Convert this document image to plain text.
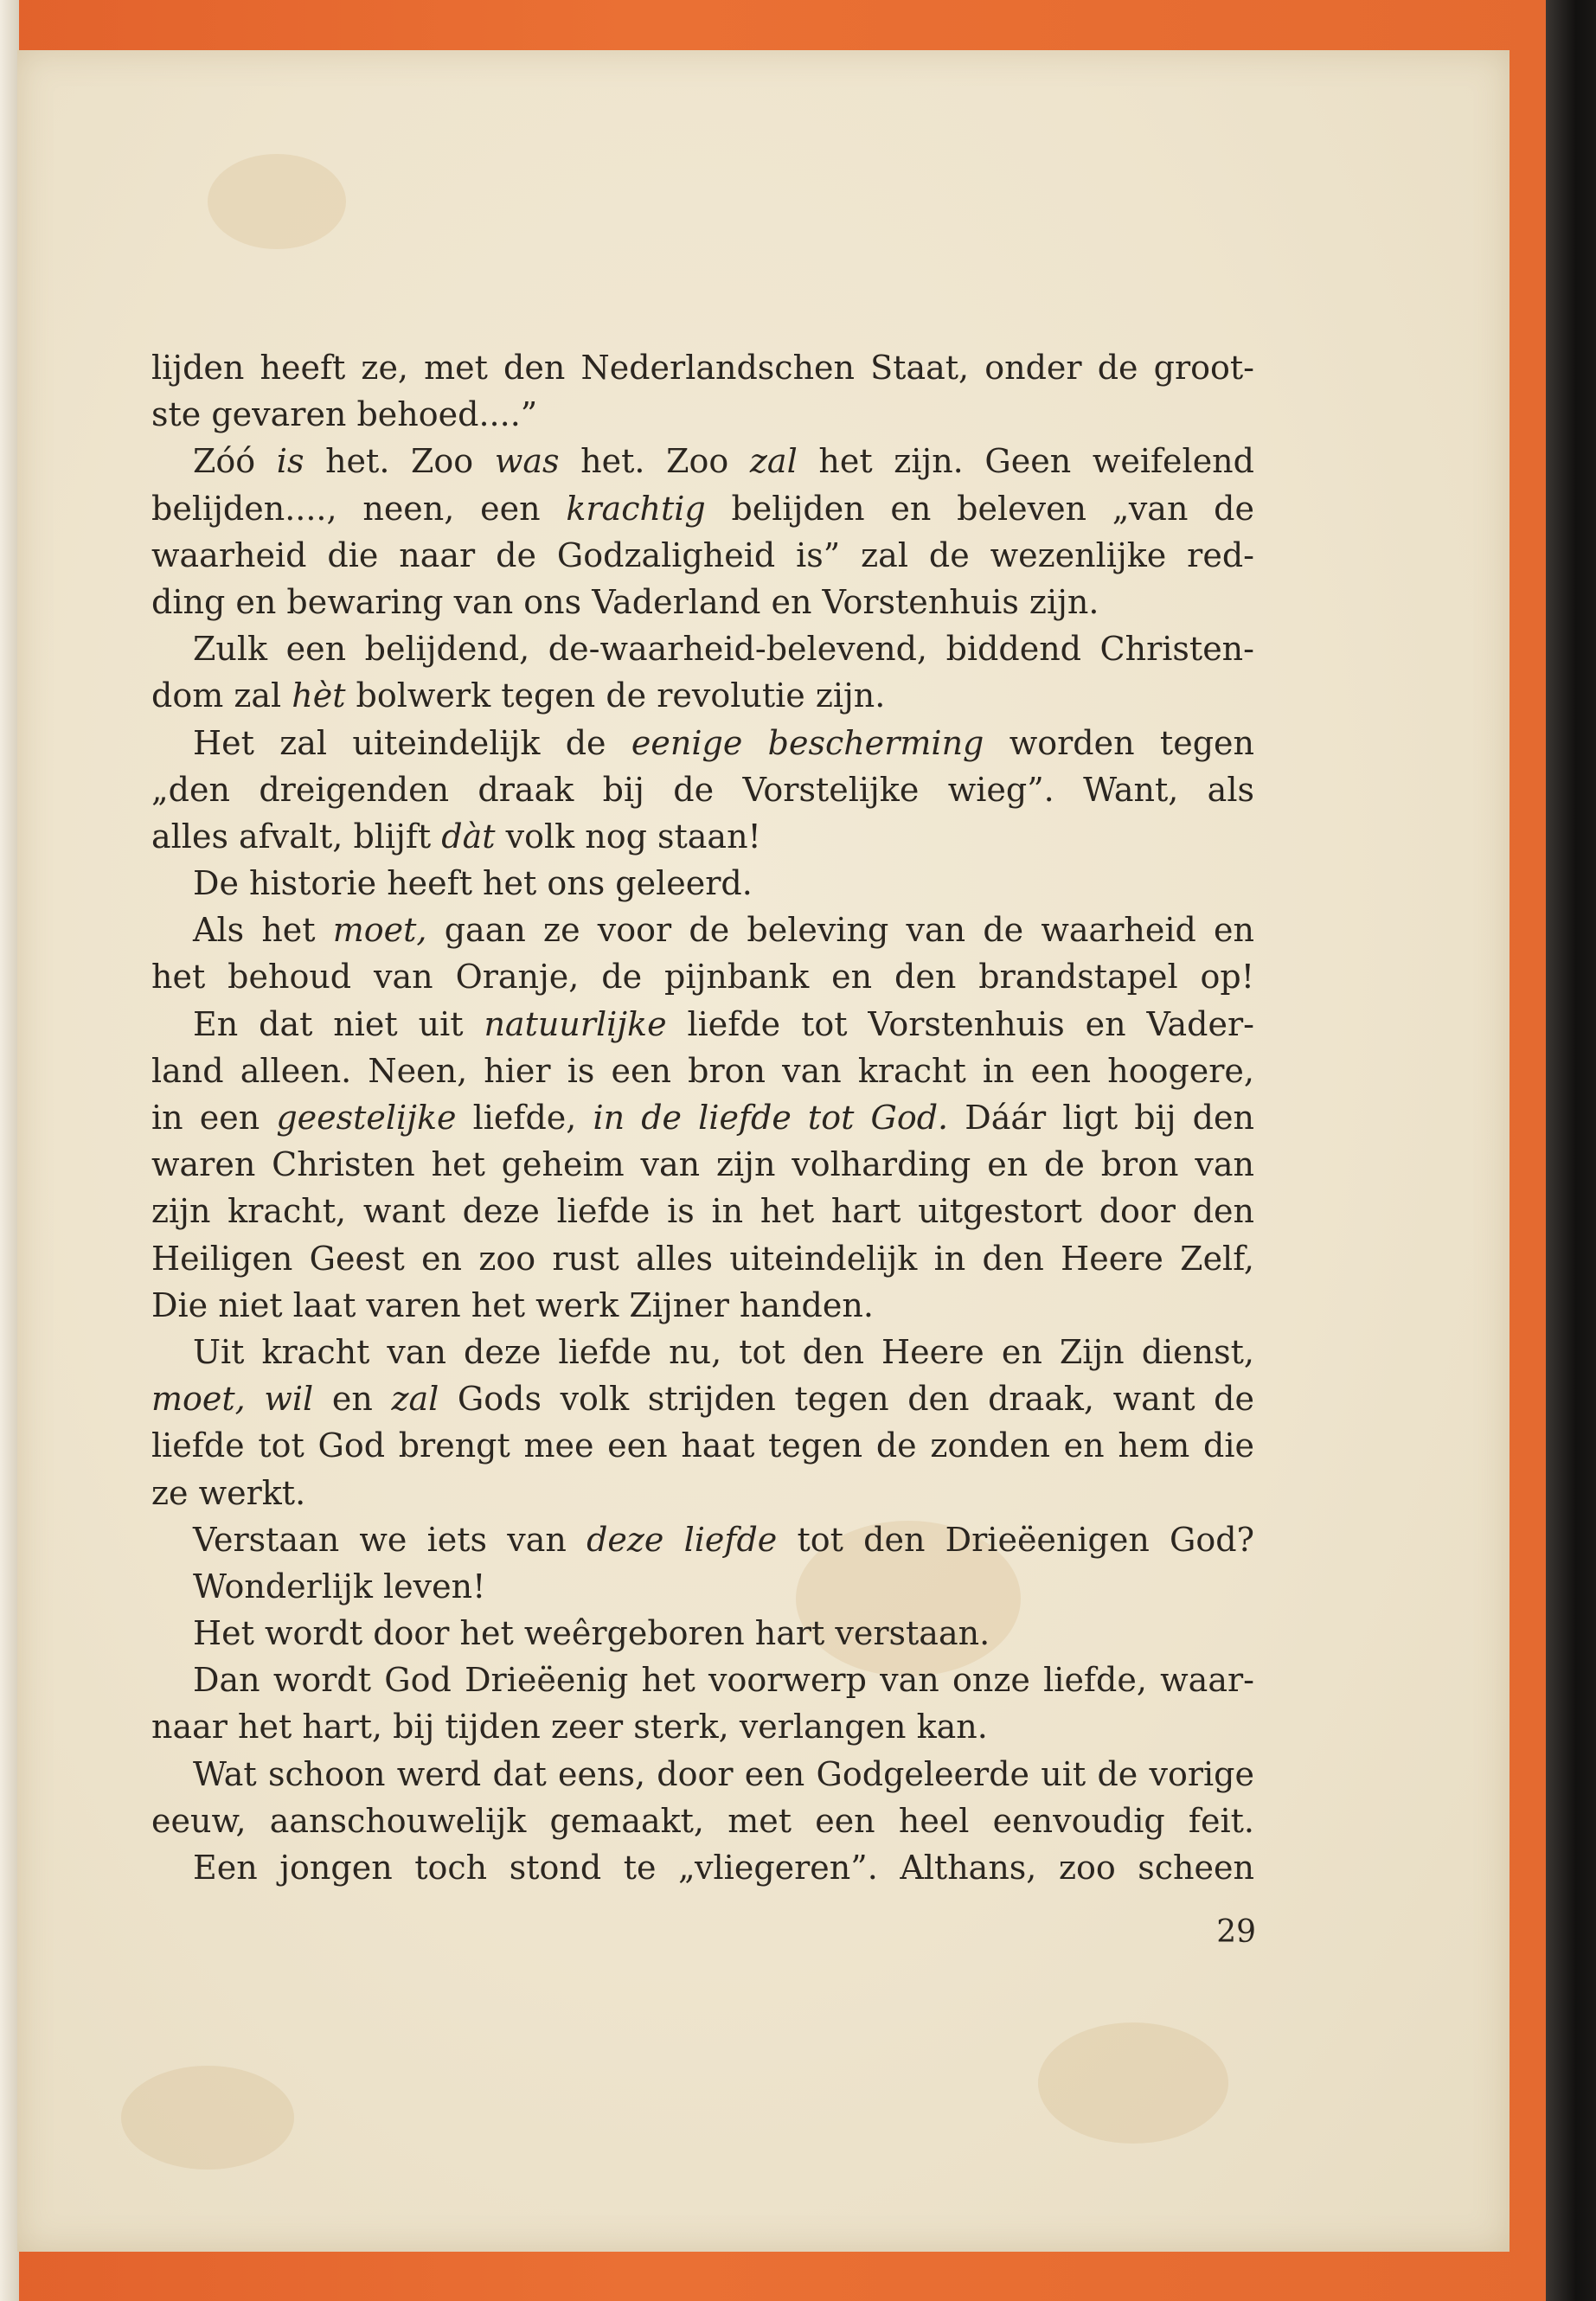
lijden heeft ze, met den Nederlandschen Staat, onder de groot-
ste gevaren behoed....”
Zóó is het. Zoo was het. Zoo zal het zijn. Geen weifelend
belijden...., neen, een krachtig belijden en beleven „van de
waarheid die naar de Godzaligheid is” zal de wezenlijke red-
ding en bewaring van ons Vaderland en Vorstenhuis zijn.
Zulk een belijdend, de-waarheid-belevend, biddend Christen-
dom zal hèt bolwerk tegen de revolutie zijn.
Het zal uiteindelijk de eenige bescherming worden tegen
„den dreigenden draak bij de Vorstelijke wieg”. Want, als
alles afvalt, blijft dàt volk nog staan!
De historie heeft het ons geleerd.
Als het moet, gaan ze voor de beleving van de waarheid en
het behoud van Oranje, de pijnbank en den brandstapel op!
En dat niet uit natuurlijke liefde tot Vorstenhuis en Vader-
land alleen. Neen, hier is een bron van kracht in een hoogere,
in een geestelijke liefde, in de liefde tot God. Dáár ligt bij den
waren Christen het geheim van zijn volharding en de bron van
zijn kracht, want deze liefde is in het hart uitgestort door den
Heiligen Geest en zoo rust alles uiteindelijk in den Heere Zelf,
Die niet laat varen het werk Zijner handen.
Uit kracht van deze liefde nu, tot den Heere en Zijn dienst,
moet, wil en zal Gods volk strijden tegen den draak, want de
liefde tot God brengt mee een haat tegen de zonden en hem die
ze werkt.
Verstaan we iets van deze liefde tot den Drieëenigen God?
Wonderlijk leven!
Het wordt door het weêrgeboren hart verstaan.
Dan wordt God Drieëenig het voorwerp van onze liefde, waar-
naar het hart, bij tijden zeer sterk, verlangen kan.
Wat schoon werd dat eens, door een Godgeleerde uit de vorige
eeuw, aanschouwelijk gemaakt, met een heel eenvoudig feit.
Een jongen toch stond te „vliegeren”. Althans, zoo scheen
29
